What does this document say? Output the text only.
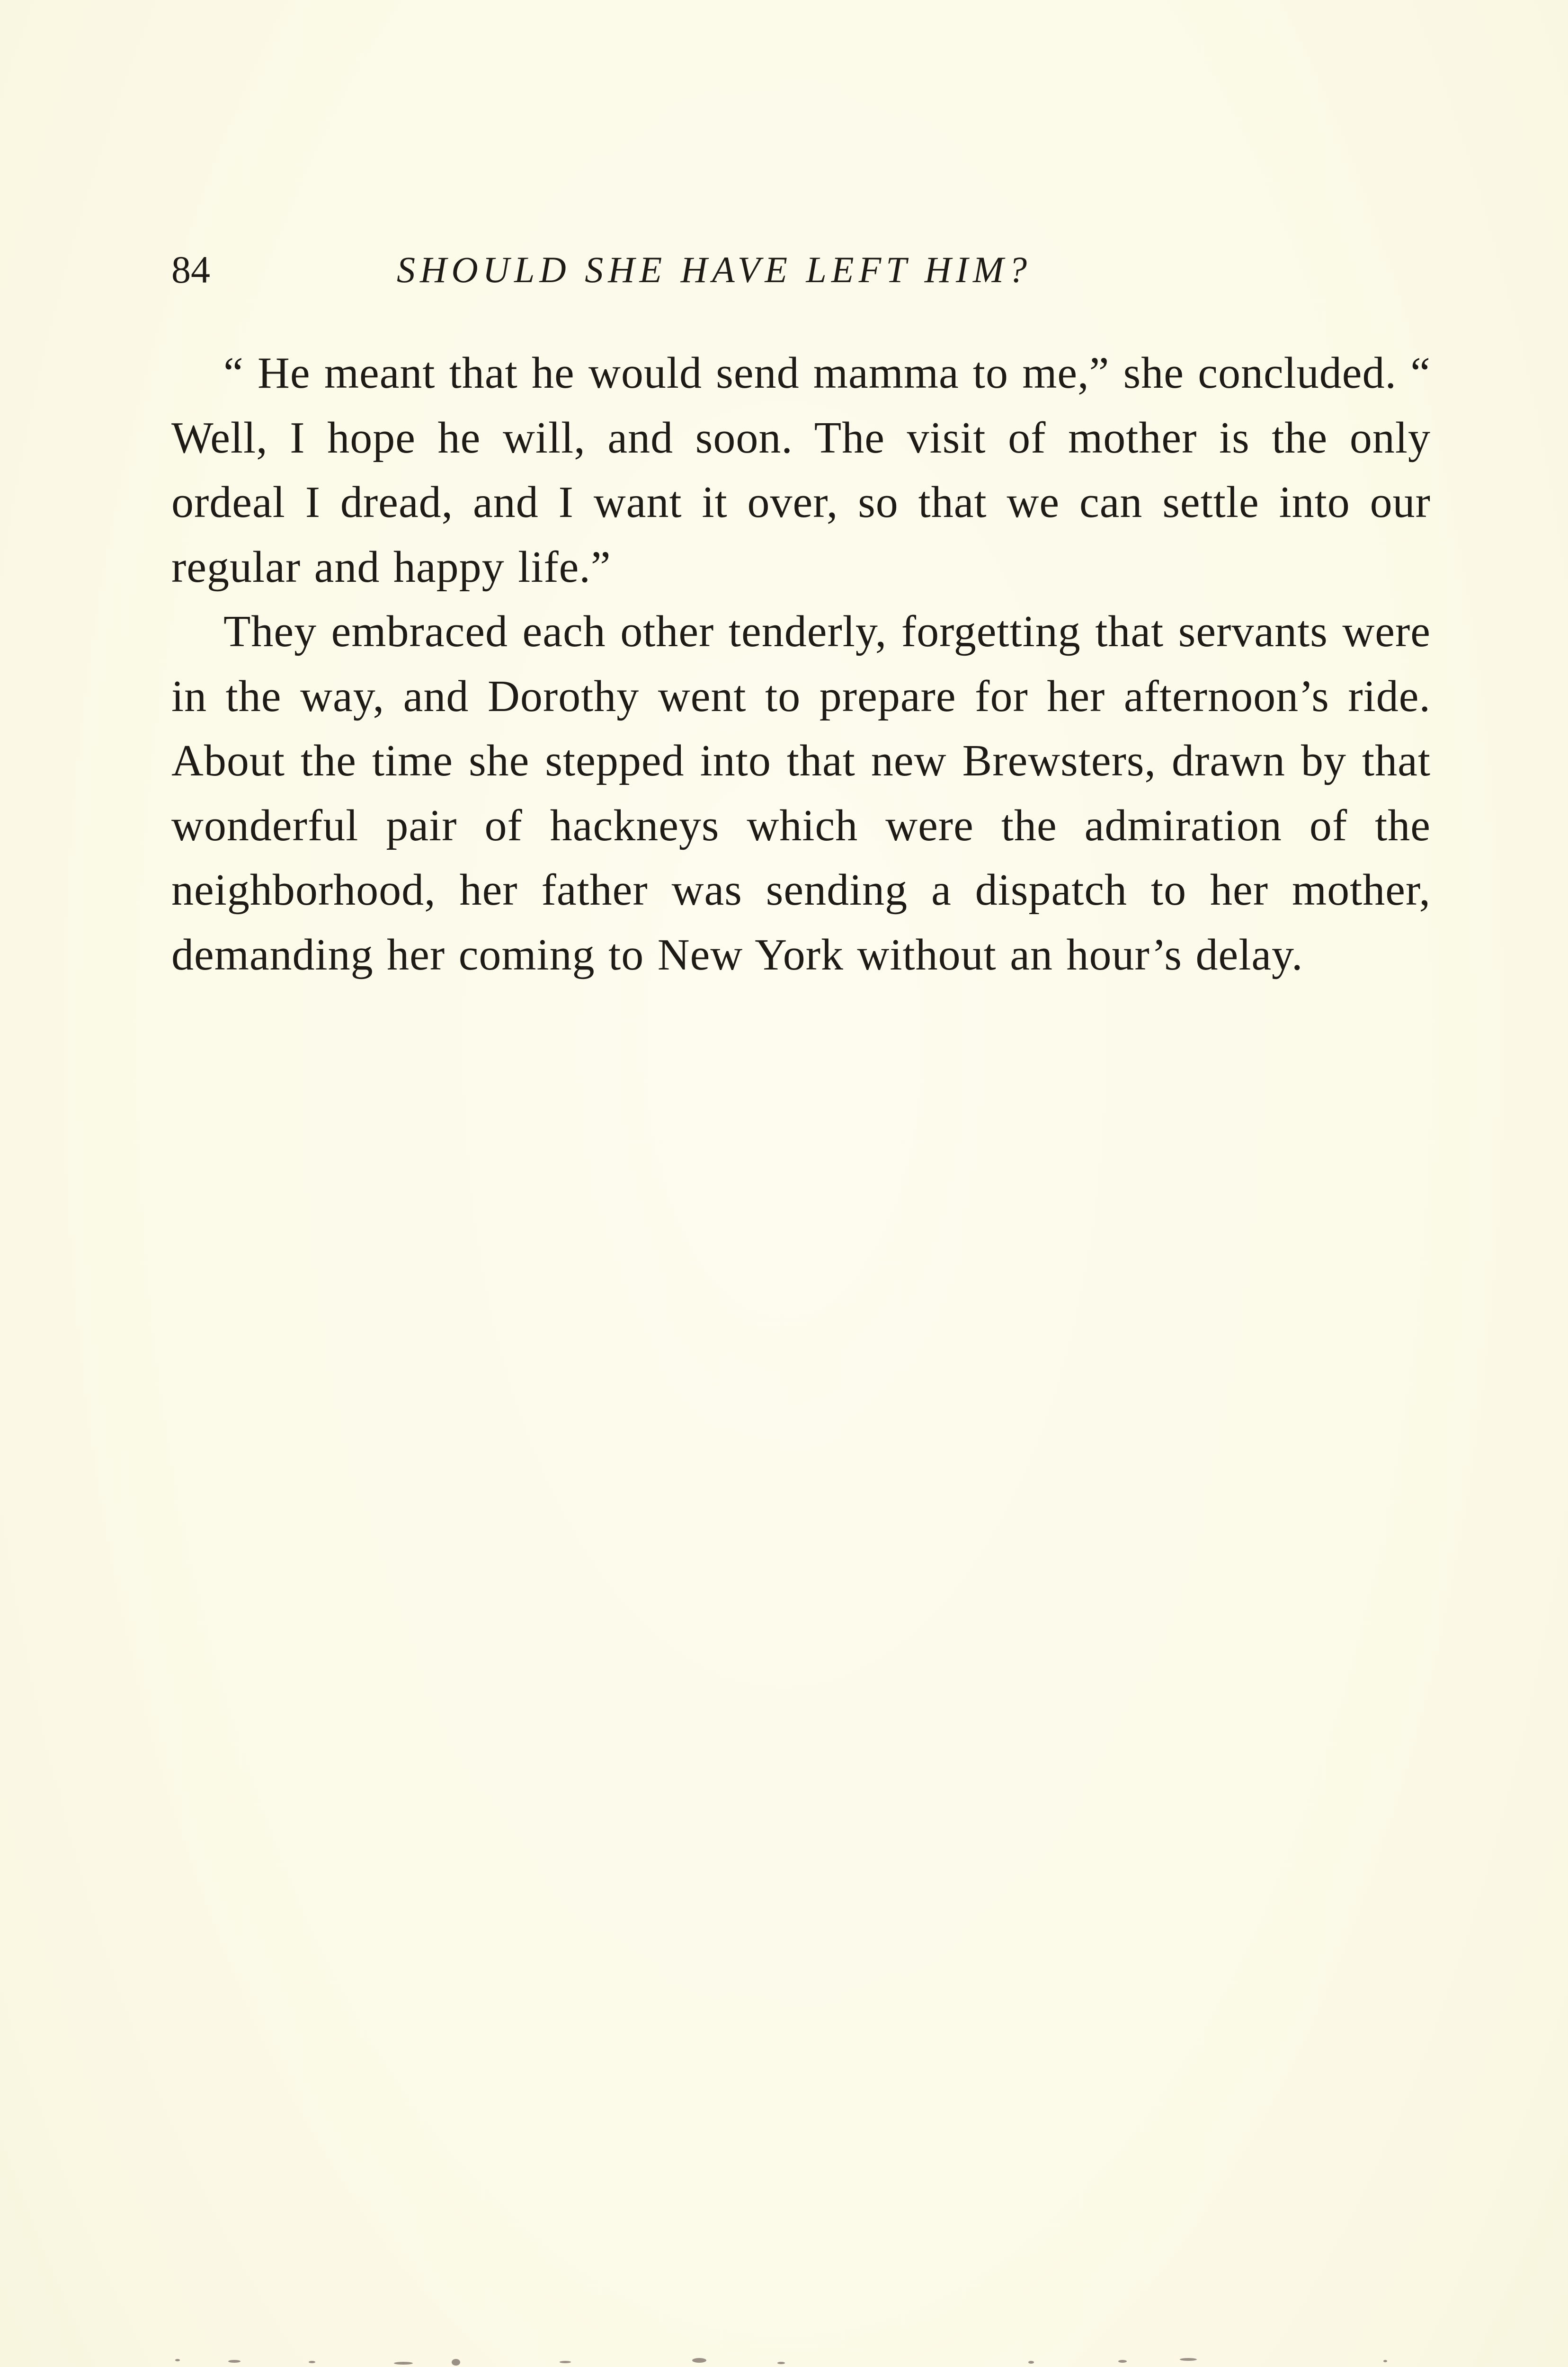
84	SHOULD SHE HAVE LEFT HIM?

“ He meant that he would send mamma to me,” she concluded. “ Well, I hope he will, and soon. The visit of mother is the only ordeal I dread, and I want it over, so that we can settle into our regular and happy life.”

They embraced each other tenderly, forgetting that servants were in the way, and Dorothy went to prepare for her afternoon’s ride. About the time she stepped into that new Brewsters, drawn by that wonderful pair of hackneys which were the admiration of the neighborhood, her father was sending a dispatch to her mother, demanding her coming to New York without an hour’s delay.
